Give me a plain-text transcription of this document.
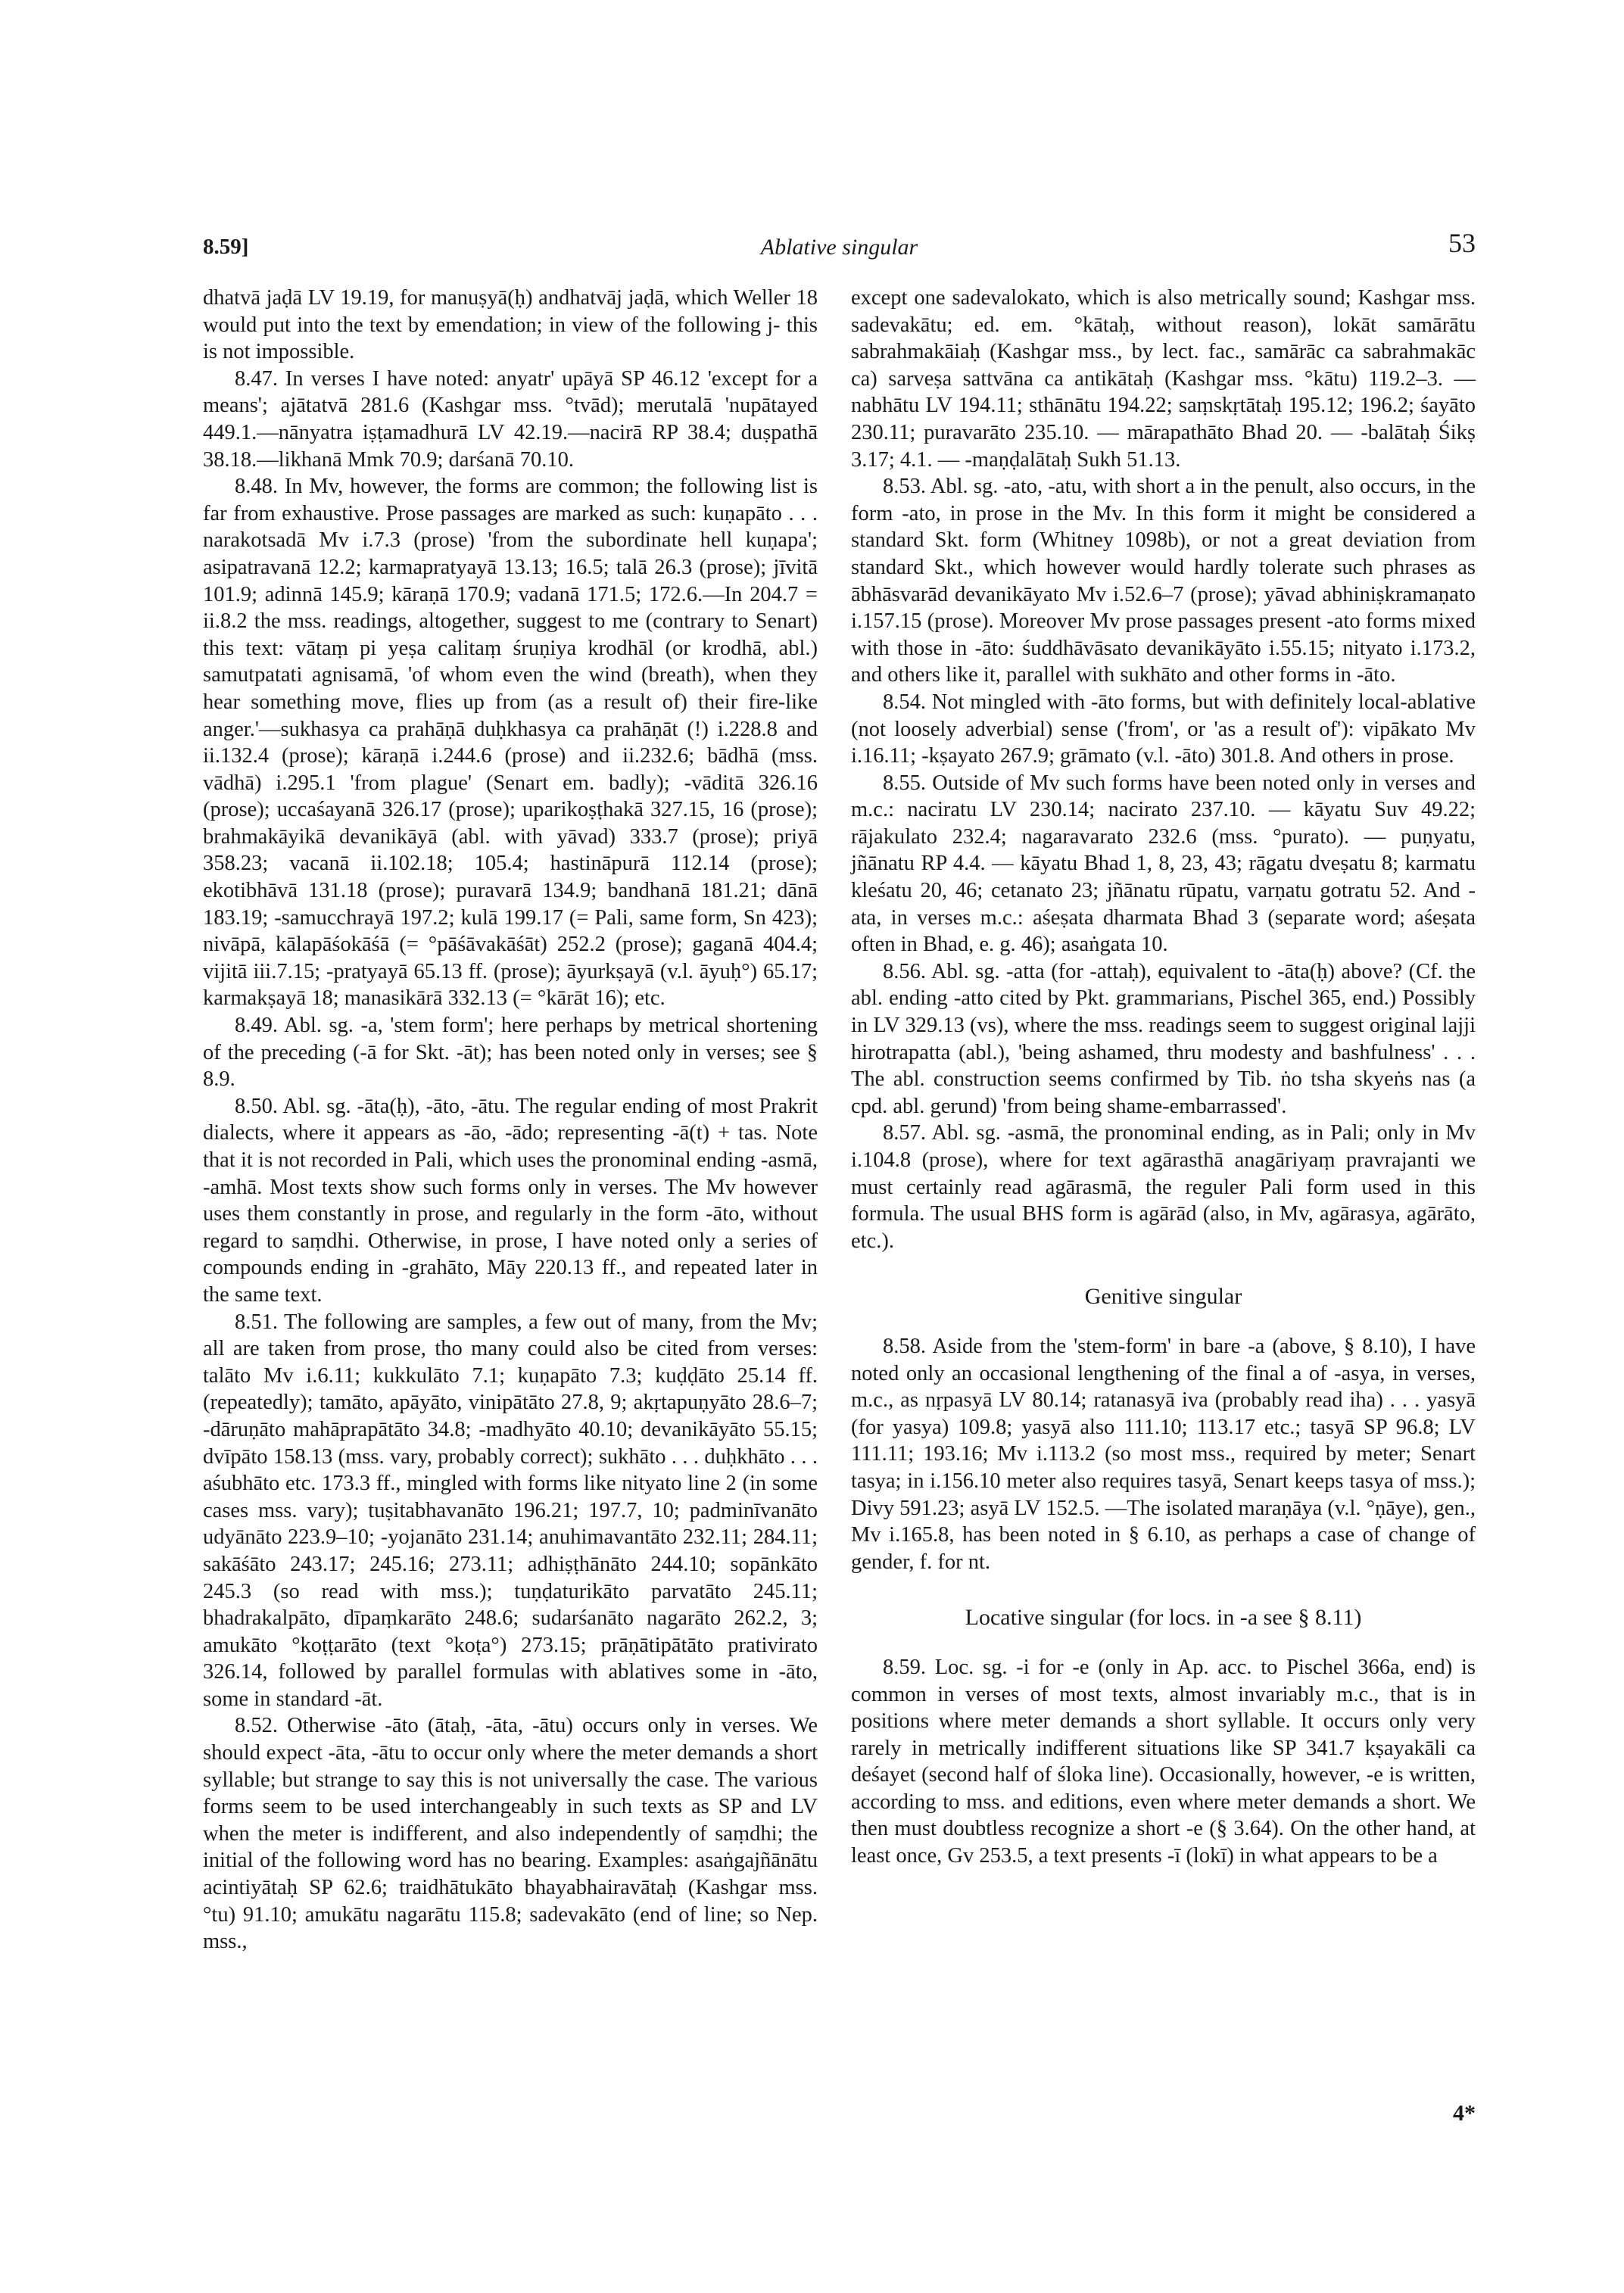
8.59]	Ablative singular	53

dhatvā jaḍā LV 19.19, for manuṣyā(ḥ) andhatvāj jaḍā, which Weller 18 would put into the text by emendation; in view of the following j- this is not impossible.

8.47. In verses I have noted: anyatr' upāyā SP 46.12 'except for a means'; ajātatvā 281.6 (Kashgar mss. °tvād); merutalā 'nupātayed 449.1.—nānyatra iṣṭamadhurā LV 42.19.—nacirā RP 38.4; duṣpathā 38.18.—likhanā Mmk 70.9; darśanā 70.10.

8.48. In Mv, however, the forms are common; the following list is far from exhaustive. Prose passages are marked as such: kuṇapāto . . . narakotsadā Mv i.7.3 (prose) 'from the subordinate hell kuṇapa'; asipatravanā 12.2; karmapratyayā 13.13; 16.5; talā 26.3 (prose); jīvitā 101.9; adinnā 145.9; kāraṇā 170.9; vadanā 171.5; 172.6.—In 204.7 = ii.8.2 the mss. readings, altogether, suggest to me (contrary to Senart) this text: vātaṃ pi yeṣa calitaṃ śruṇiya krodhāl (or krodhā, abl.) samutpatati agnisamā, 'of whom even the wind (breath), when they hear something move, flies up from (as a result of) their fire-like anger.'—sukhasya ca prahāṇā duḥkhasya ca prahāṇāt (!) i.228.8 and ii.132.4 (prose); kāraṇā i.244.6 (prose) and ii.232.6; bādhā (mss. vādhā) i.295.1 'from plague' (Senart em. badly); -vāditā 326.16 (prose); uccaśayanā 326.17 (prose); uparikoṣṭhakā 327.15, 16 (prose); brahmakāyikā devanikāyā (abl. with yāvad) 333.7 (prose); priyā 358.23; vacanā ii.102.18; 105.4; hastināpurā 112.14 (prose); ekotibhāvā 131.18 (prose); puravarā 134.9; bandhanā 181.21; dānā 183.19; -samucchrayā 197.2; kulā 199.17 (= Pali, same form, Sn 423); nivāpā, kālapāśokāśā (= °pāśāvakāśāt) 252.2 (prose); gaganā 404.4; vijitā iii.7.15; -pratyayā 65.13 ff. (prose); āyurkṣayā (v.l. āyuḥ°) 65.17; karmakṣayā 18; manasikārā 332.13 (= °kārāt 16); etc.

8.49. Abl. sg. -a, 'stem form'; here perhaps by metrical shortening of the preceding (-ā for Skt. -āt); has been noted only in verses; see § 8.9.

8.50. Abl. sg. -āta(ḥ), -āto, -ātu. The regular ending of most Prakrit dialects, where it appears as -āo, -ādo; representing -ā(t) + tas. Note that it is not recorded in Pali, which uses the pronominal ending -asmā, -amhā. Most texts show such forms only in verses. The Mv however uses them constantly in prose, and regularly in the form -āto, without regard to saṃdhi. Otherwise, in prose, I have noted only a series of compounds ending in -grahāto, Māy 220.13 ff., and repeated later in the same text.

8.51. The following are samples, a few out of many, from the Mv; all are taken from prose, tho many could also be cited from verses: talāto Mv i.6.11; kukkulāto 7.1; kuṇapāto 7.3; kuḍḍāto 25.14 ff. (repeatedly); tamāto, apāyāto, vinipātāto 27.8, 9; akṛtapuṇyāto 28.6–7; -dāruṇāto mahāprapātāto 34.8; -madhyāto 40.10; devanikāyāto 55.15; dvīpāto 158.13 (mss. vary, probably correct); sukhāto . . . duḥkhāto . . . aśubhāto etc. 173.3 ff., mingled with forms like nityato line 2 (in some cases mss. vary); tuṣitabhavanāto 196.21; 197.7, 10; padminīvanāto udyānāto 223.9–10; -yojanāto 231.14; anuhimavantāto 232.11; 284.11; sakāśāto 243.17; 245.16; 273.11; adhiṣṭhānāto 244.10; sopānkāto 245.3 (so read with mss.); tuṇḍaturikāto parvatāto 245.11; bhadrakalpāto, dīpaṃkarāto 248.6; sudarśanāto nagarāto 262.2, 3; amukāto °koṭṭarāto (text °koṭa°) 273.15; prāṇātipātāto prativirato 326.14, followed by parallel formulas with ablatives some in -āto, some in standard -āt.

8.52. Otherwise -āto (ātaḥ, -āta, -ātu) occurs only in verses. We should expect -āta, -ātu to occur only where the meter demands a short syllable; but strange to say this is not universally the case. The various forms seem to be used interchangeably in such texts as SP and LV when the meter is indifferent, and also independently of saṃdhi; the initial of the following word has no bearing. Examples: asaṅgajñānātu acintiyātaḥ SP 62.6; traidhātukāto bhayabhairavātaḥ (Kashgar mss. °tu) 91.10; amukātu nagarātu 115.8; sadevakāto (end of line; so Nep. mss.,

except one sadevalokato, which is also metrically sound; Kashgar mss. sadevakātu; ed. em. °kātaḥ, without reason), lokāt samārātu sabrahmakāiaḥ (Kashgar mss., by lect. fac., samārāc ca sabrahmakāc ca) sarveṣa sattvāna ca antikātaḥ (Kashgar mss. °kātu) 119.2–3. — nabhātu LV 194.11; sthānātu 194.22; saṃskṛtātaḥ 195.12; 196.2; śayāto 230.11; puravarāto 235.10. — mārapathāto Bhad 20. — -balātaḥ Śikṣ 3.17; 4.1. — -maṇḍalātaḥ Sukh 51.13.

8.53. Abl. sg. -ato, -atu, with short a in the penult, also occurs, in the form -ato, in prose in the Mv. In this form it might be considered a standard Skt. form (Whitney 1098b), or not a great deviation from standard Skt., which however would hardly tolerate such phrases as ābhāsvarād devanikāyato Mv i.52.6–7 (prose); yāvad abhiniṣkramaṇato i.157.15 (prose). Moreover Mv prose passages present -ato forms mixed with those in -āto: śuddhāvāsato devanikāyāto i.55.15; nityato i.173.2, and others like it, parallel with sukhāto and other forms in -āto.

8.54. Not mingled with -āto forms, but with definitely local-ablative (not loosely adverbial) sense ('from', or 'as a result of'): vipākato Mv i.16.11; -kṣayato 267.9; grāmato (v.l. -āto) 301.8. And others in prose.

8.55. Outside of Mv such forms have been noted only in verses and m.c.: naciratu LV 230.14; nacirato 237.10. — kāyatu Suv 49.22; rājakulato 232.4; nagaravarato 232.6 (mss. °purato). — puṇyatu, jñānatu RP 4.4. — kāyatu Bhad 1, 8, 23, 43; rāgatu dveṣatu 8; karmatu kleśatu 20, 46; cetanato 23; jñānatu rūpatu, varṇatu gotratu 52. And -ata, in verses m.c.: aśeṣata dharmata Bhad 3 (separate word; aśeṣata often in Bhad, e. g. 46); asaṅgata 10.

8.56. Abl. sg. -atta (for -attaḥ), equivalent to -āta(ḥ) above? (Cf. the abl. ending -atto cited by Pkt. grammarians, Pischel 365, end.) Possibly in LV 329.13 (vs), where the mss. readings seem to suggest original lajji hirotrapatta (abl.), 'being ashamed, thru modesty and bashfulness' . . . The abl. construction seems confirmed by Tib. ṅo tsha skyeṅs nas (a cpd. abl. gerund) 'from being shame-embarrassed'.

8.57. Abl. sg. -asmā, the pronominal ending, as in Pali; only in Mv i.104.8 (prose), where for text agārasthā anagāriyaṃ pravrajanti we must certainly read agārasmā, the reguler Pali form used in this formula. The usual BHS form is agārād (also, in Mv, agārasya, agārāto, etc.).

Genitive singular

8.58. Aside from the 'stem-form' in bare -a (above, § 8.10), I have noted only an occasional lengthening of the final a of -asya, in verses, m.c., as nṛpasyā LV 80.14; ratanasyā iva (probably read iha) . . . yasyā (for yasya) 109.8; yasyā also 111.10; 113.17 etc.; tasyā SP 96.8; LV 111.11; 193.16; Mv i.113.2 (so most mss., required by meter; Senart tasya; in i.156.10 meter also requires tasyā, Senart keeps tasya of mss.); Divy 591.23; asyā LV 152.5. —The isolated maraṇāya (v.l. °ṇāye), gen., Mv i.165.8, has been noted in § 6.10, as perhaps a case of change of gender, f. for nt.

Locative singular (for locs. in -a see § 8.11)

8.59. Loc. sg. -i for -e (only in Ap. acc. to Pischel 366a, end) is common in verses of most texts, almost invariably m.c., that is in positions where meter demands a short syllable. It occurs only very rarely in metrically indifferent situations like SP 341.7 kṣayakāli ca deśayet (second half of śloka line). Occasionally, however, -e is written, according to mss. and editions, even where meter demands a short. We then must doubtless recognize a short -e (§ 3.64). On the other hand, at least once, Gv 253.5, a text presents -ī (lokī) in what appears to be a

4*
